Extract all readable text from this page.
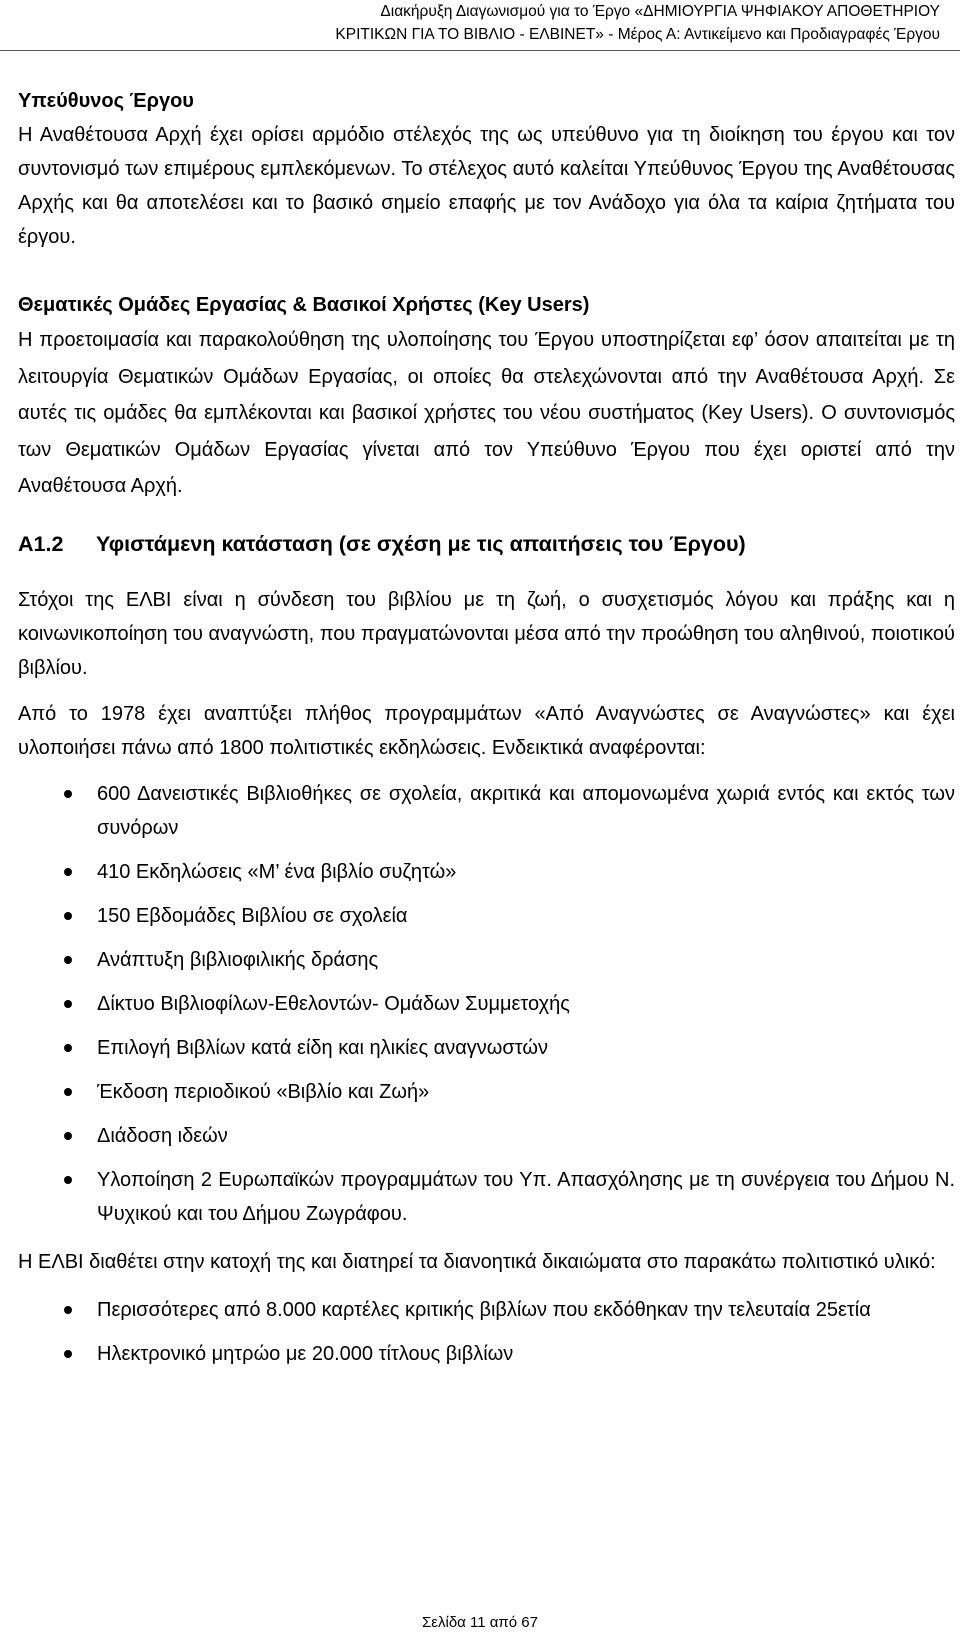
Διακήρυξη Διαγωνισμού για το Έργο «ΔΗΜΙΟΥΡΓΙΑ ΨΗΦΙΑΚΟΥ ΑΠΟΘΕΤΗΡΙΟΥ
ΚΡΙΤΙΚΩΝ ΓΙΑ ΤΟ ΒΙΒΛΙΟ - ΕΛΒΙΝΕΤ» - Μέρος Α: Αντικείμενο και Προδιαγραφές Έργου

Υπεύθυνος Έργου

Η Αναθέτουσα Αρχή έχει ορίσει αρμόδιο στέλεχός της ως υπεύθυνο για τη διοίκηση του έργου και τον συντονισμό των επιμέρους εμπλεκόμενων. Το στέλεχος αυτό καλείται Υπεύθυνος Έργου της Αναθέτουσας Αρχής και θα αποτελέσει και το βασικό σημείο επαφής με τον Ανάδοχο για όλα τα καίρια ζητήματα του έργου.

Θεματικές Ομάδες Εργασίας & Βασικοί Χρήστες (Key Users)

Η προετοιμασία και παρακολούθηση της υλοποίησης του Έργου υποστηρίζεται εφ’ όσον απαιτείται με τη λειτουργία Θεματικών Ομάδων Εργασίας, οι οποίες θα στελεχώνονται από την Αναθέτουσα Αρχή. Σε αυτές τις ομάδες θα εμπλέκονται και βασικοί χρήστες του νέου συστήματος (Key Users). Ο συντονισμός των Θεματικών Ομάδων Εργασίας γίνεται από τον Υπεύθυνο Έργου που έχει οριστεί από την Αναθέτουσα Αρχή.

Α1.2 Υφιστάμενη κατάσταση (σε σχέση με τις απαιτήσεις του Έργου)

Στόχοι της ΕΛΒΙ είναι η σύνδεση του βιβλίου με τη ζωή, ο συσχετισμός λόγου και πράξης και η κοινωνικοποίηση του αναγνώστη, που πραγματώνονται μέσα από την προώθηση του αληθινού, ποιοτικού βιβλίου.

Από το 1978 έχει αναπτύξει πλήθος προγραμμάτων «Από Αναγνώστες σε Αναγνώστες» και έχει υλοποιήσει πάνω από 1800 πολιτιστικές εκδηλώσεις. Ενδεικτικά αναφέρονται:

600 Δανειστικές Βιβλιοθήκες σε σχολεία, ακριτικά και απομονωμένα χωριά εντός και εκτός των συνόρων
410 Εκδηλώσεις «Μ’ ένα βιβλίο συζητώ»
150 Εβδομάδες Βιβλίου σε σχολεία
Ανάπτυξη βιβλιοφιλικής δράσης
Δίκτυο Βιβλιοφίλων-Εθελοντών- Ομάδων Συμμετοχής
Επιλογή Βιβλίων κατά είδη και ηλικίες αναγνωστών
Έκδοση περιοδικού «Βιβλίο και Ζωή»
Διάδοση ιδεών
Υλοποίηση 2 Ευρωπαϊκών προγραμμάτων του Υπ. Απασχόλησης με τη συνέργεια του Δήμου Ν. Ψυχικού και του Δήμου Ζωγράφου.

Η ΕΛΒΙ διαθέτει στην κατοχή της και διατηρεί τα διανοητικά δικαιώματα στο παρακάτω πολιτιστικό υλικό:

Περισσότερες από 8.000 καρτέλες κριτικής βιβλίων που εκδόθηκαν την τελευταία 25ετία
Ηλεκτρονικό μητρώο με 20.000 τίτλους βιβλίων
Σελίδα 11 από 67
